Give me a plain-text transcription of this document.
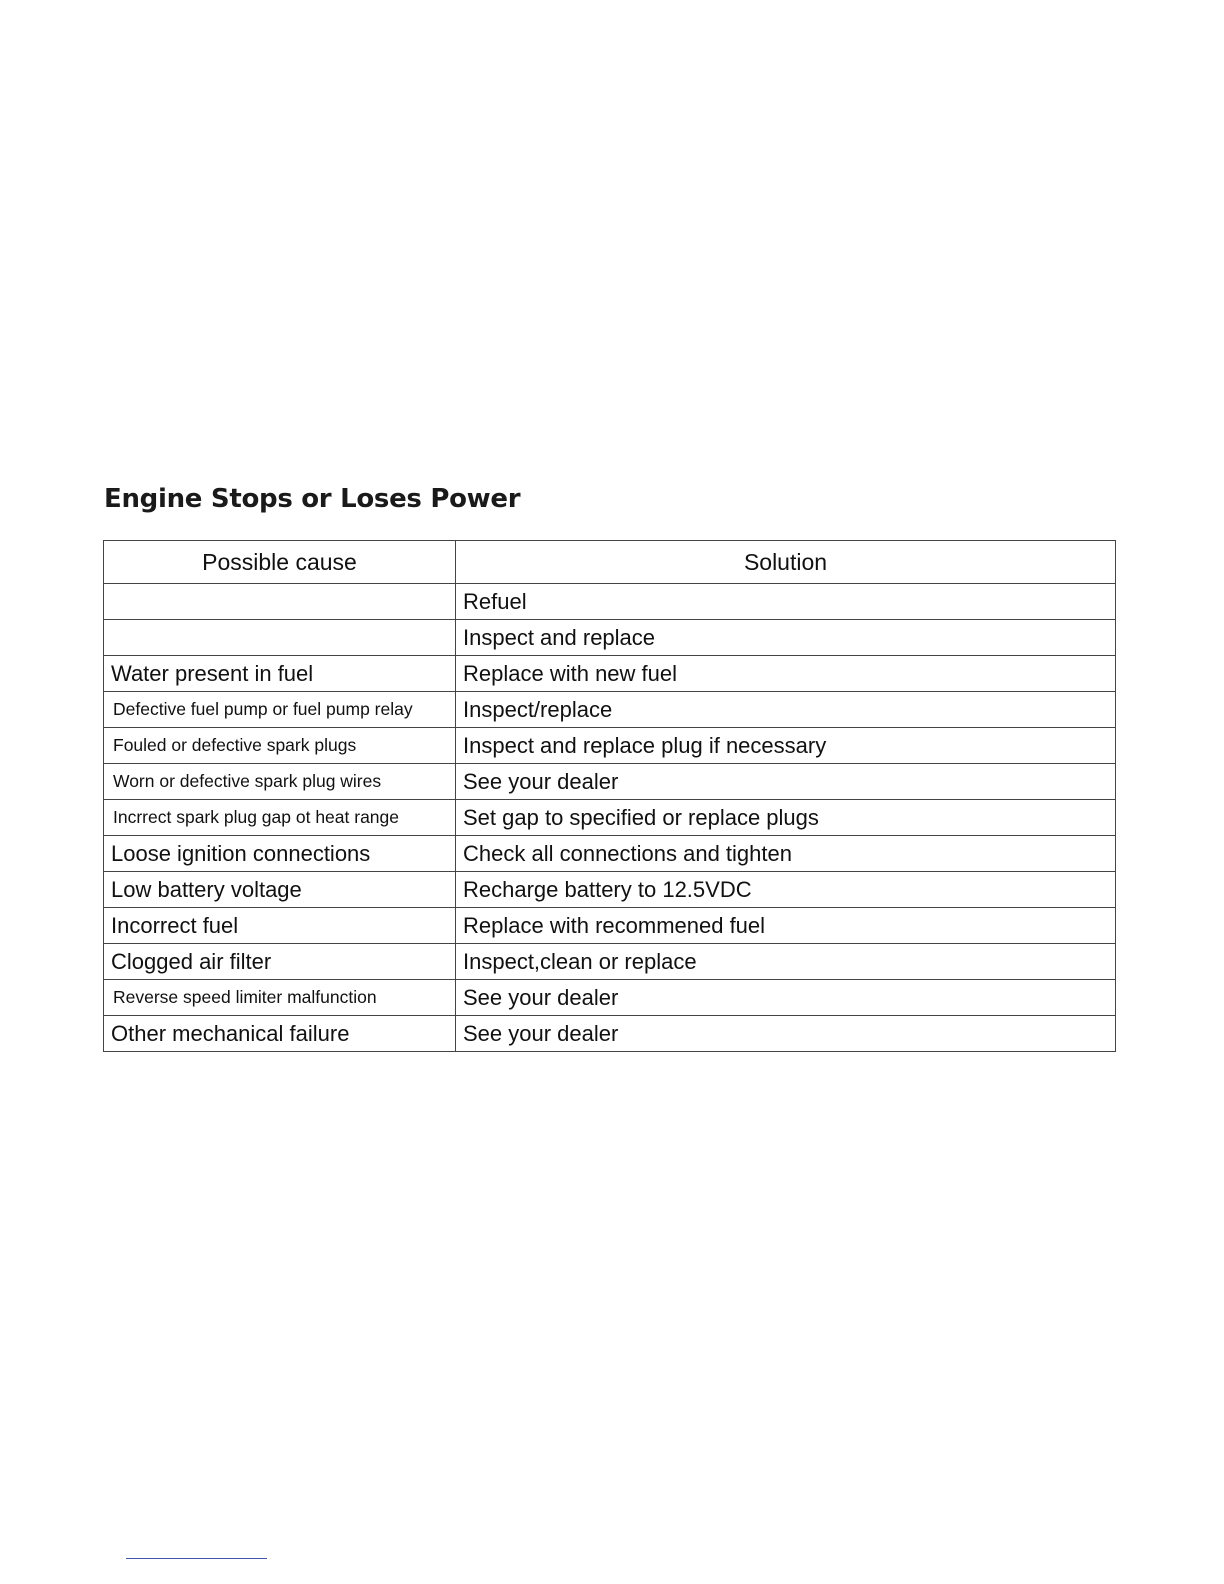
Engine Stops or Loses Power
Possible cause	Solution
	Refuel
	Inspect and replace
Water present in fuel	Replace with new fuel
Defective fuel pump or fuel pump relay	Inspect/replace
Fouled or defective spark plugs	Inspect and replace plug if necessary
Worn or defective spark plug wires	See your dealer
Incrrect spark plug gap ot heat range	Set gap to specified or replace plugs
Loose ignition connections	Check all connections and tighten
Low battery voltage	Recharge battery to 12.5VDC
Incorrect fuel	Replace with recommened fuel
Clogged air filter	Inspect,clean or replace
Reverse speed limiter malfunction	See your dealer
Other mechanical failure	See your dealer
